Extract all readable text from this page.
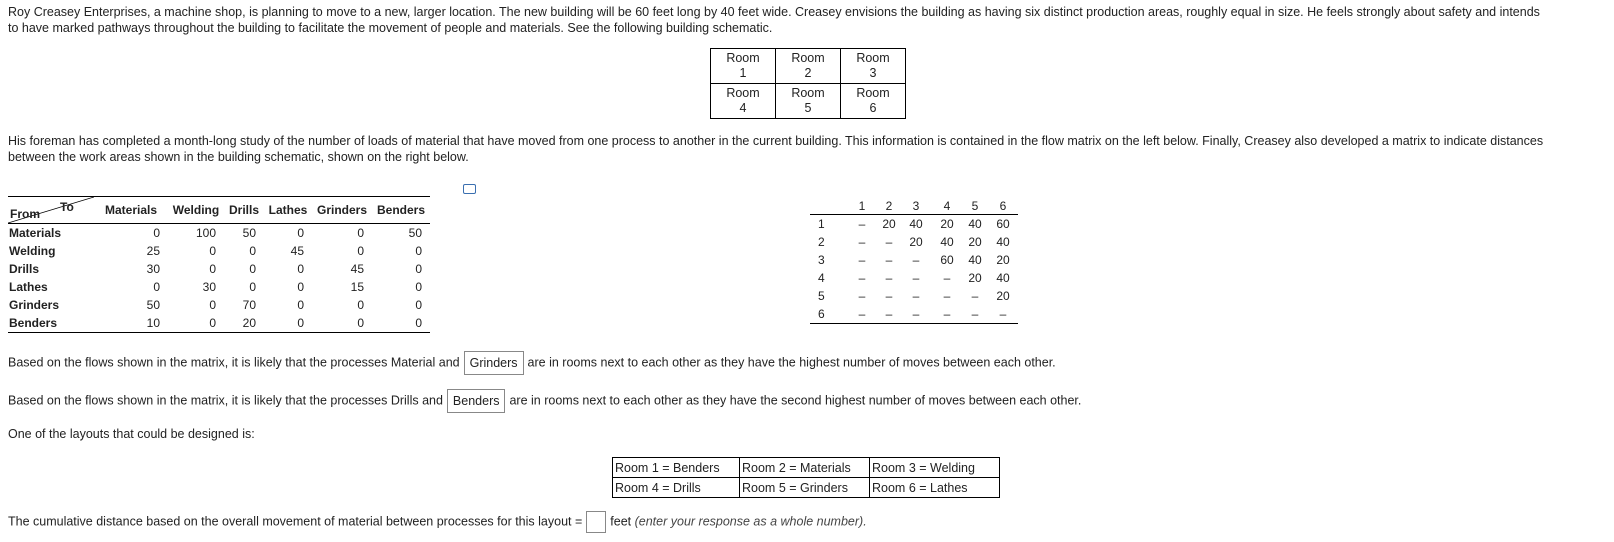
Roy Creasey Enterprises, a machine shop, is planning to move to a new, larger location. The new building will be 60 feet long by 40 feet wide. Creasey envisions the building as having six distinct production areas, roughly equal in size. He feels strongly about safety and intends
to have marked pathways throughout the building to facilitate the movement of people and materials. See the following building schematic.
Room
1	Room
2	Room
3
Room
4	Room
5	Room
6
His foreman has completed a month-long study of the number of loads of material that have moved from one process to another in the current building. This information is contained in the flow matrix on the left below. Finally, Creasey also developed a matrix to indicate distances
between the work areas shown in the building schematic, shown on the right below.
From To	Materials	Welding	Drills	Lathes	Grinders	Benders
Materials	0	100	50	0	0	50
Welding	25	0	0	45	0	0
Drills	30	0	0	0	45	0
Lathes	0	30	0	0	15	0
Grinders	50	0	70	0	0	0
Benders	10	0	20	0	0	0
	1	2	3	4	5	6
1	–	20	40	20	40	60
2	–	–	20	40	20	40
3	–	–	–	60	40	20
4	–	–	–	–	20	40
5	–	–	–	–	–	20
6	–	–	–	–	–	–
Based on the flows shown in the matrix, it is likely that the processes Material and Grinders are in rooms next to each other as they have the highest number of moves between each other.
Based on the flows shown in the matrix, it is likely that the processes Drills and Benders are in rooms next to each other as they have the second highest number of moves between each other.
One of the layouts that could be designed is:
Room 1 = Benders	Room 2 = Materials	Room 3 = Welding
Room 4 = Drills	Room 5 = Grinders	Room 6 = Lathes
The cumulative distance based on the overall movement of material between processes for this layout = feet (enter your response as a whole number).
